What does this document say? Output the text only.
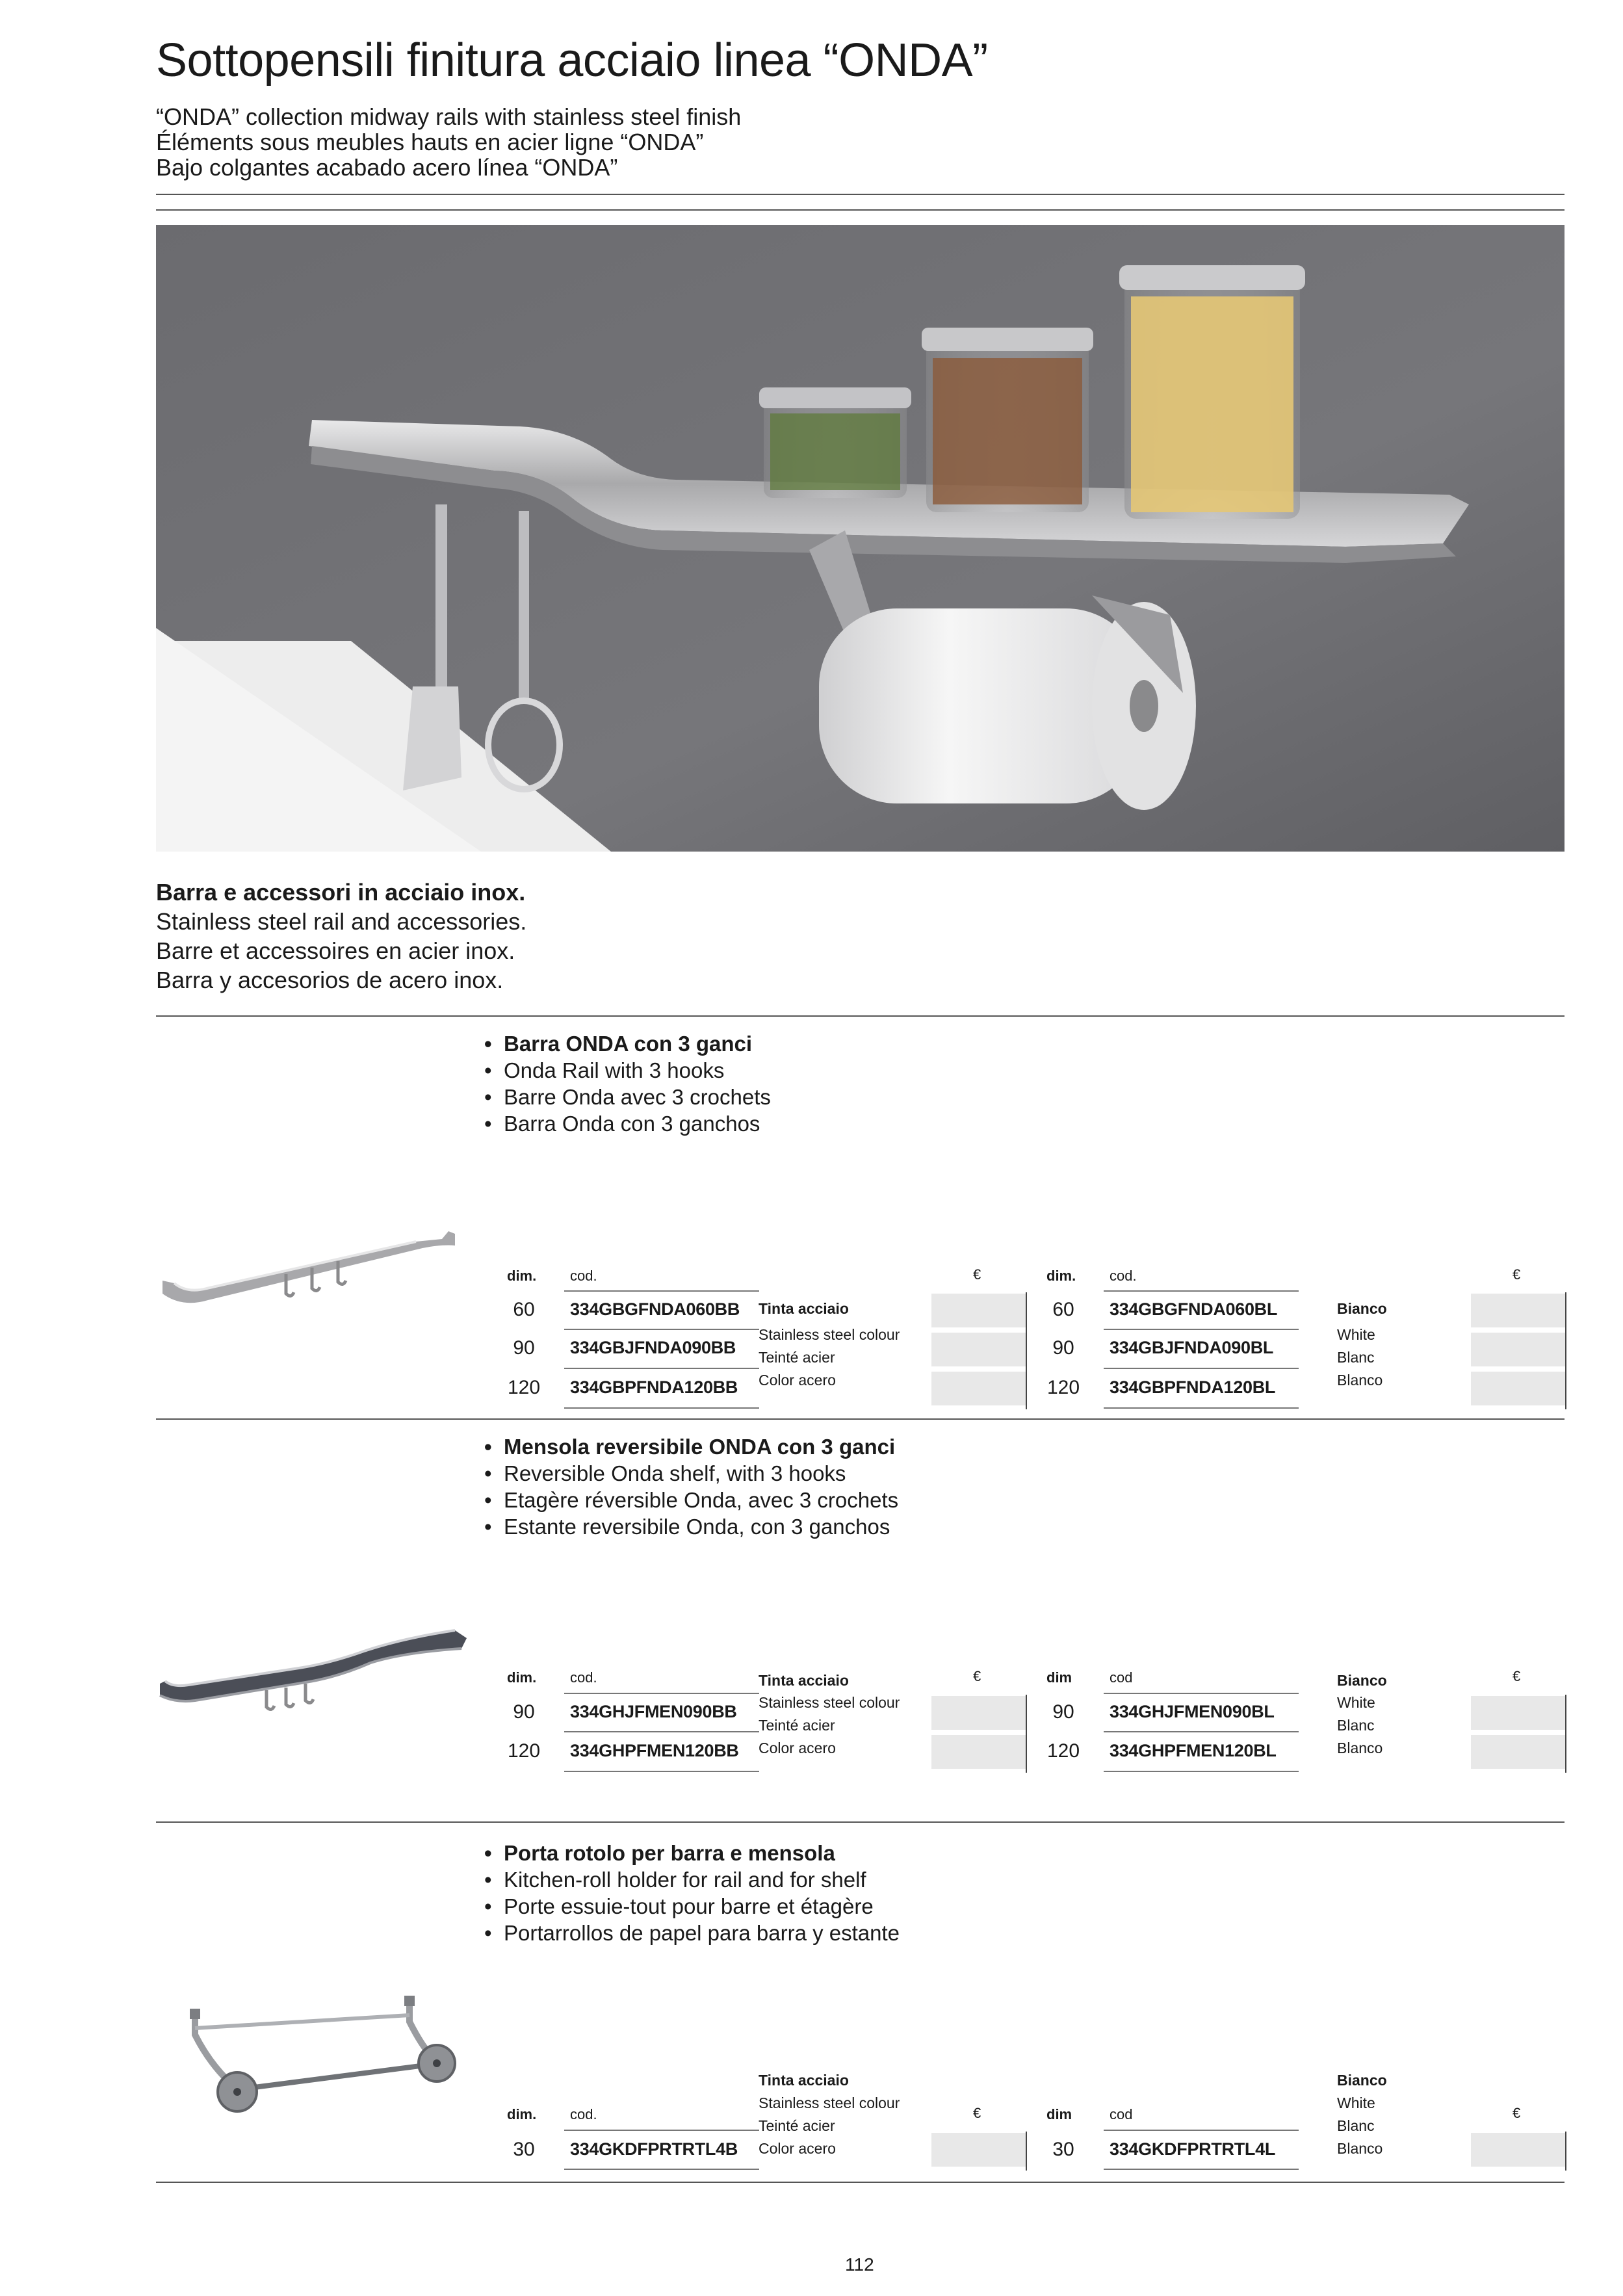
Sottopensili finitura acciaio linea “ONDA”
“ONDA” collection midway rails with stainless steel finish
Éléments sous meubles hauts en acier ligne “ONDA”
Bajo colgantes acabado acero línea “ONDA”
Barra e accessori in acciaio inox.
Stainless steel rail and accessories.
Barre et accessoires en acier inox.
Barra y accesorios de acero inox.
• Barra ONDA con 3 ganci
• Onda Rail with 3 hooks
• Barre Onda avec 3 crochets
• Barra Onda con 3 ganchos
dim. cod.	€	dim. cod.	€
60	334GBGFNDA060BB
90	334GBJFNDA090BB
120	334GBPFNDA120BB
Tinta acciaio
Stainless steel colour
Teinté acier
Color acero
60	334GBGFNDA060BL
90	334GBJFNDA090BL
120	334GBPFNDA120BL
Bianco
White
Blanc
Blanco
• Mensola reversibile ONDA con 3 ganci
• Reversible Onda shelf, with 3 hooks
• Etagère réversible Onda, avec 3 crochets
• Estante reversibile Onda, con 3 ganchos
dim. cod.	Tinta acciaio	€	dim	cod	Bianco	€
90	334GHJFMEN090BB
120	334GHPFMEN120BB
Stainless steel colour
Teinté acier
Color acero
90	334GHJFMEN090BL
120	334GHPFMEN120BL
White
Blanc
Blanco
• Porta rotolo per barra e mensola
• Kitchen-roll holder for rail and for shelf
• Porte essuie-tout pour barre et étagère
• Portarrollos de papel para barra y estante
Tinta acciaio
Stainless steel colour
Teinté acier
Color acero
Bianco
White
Blanc
Blanco
dim. cod.	€	dim	cod	€
30	334GKDFPRTRTL4B	30	334GKDFPRTRTL4L
112
